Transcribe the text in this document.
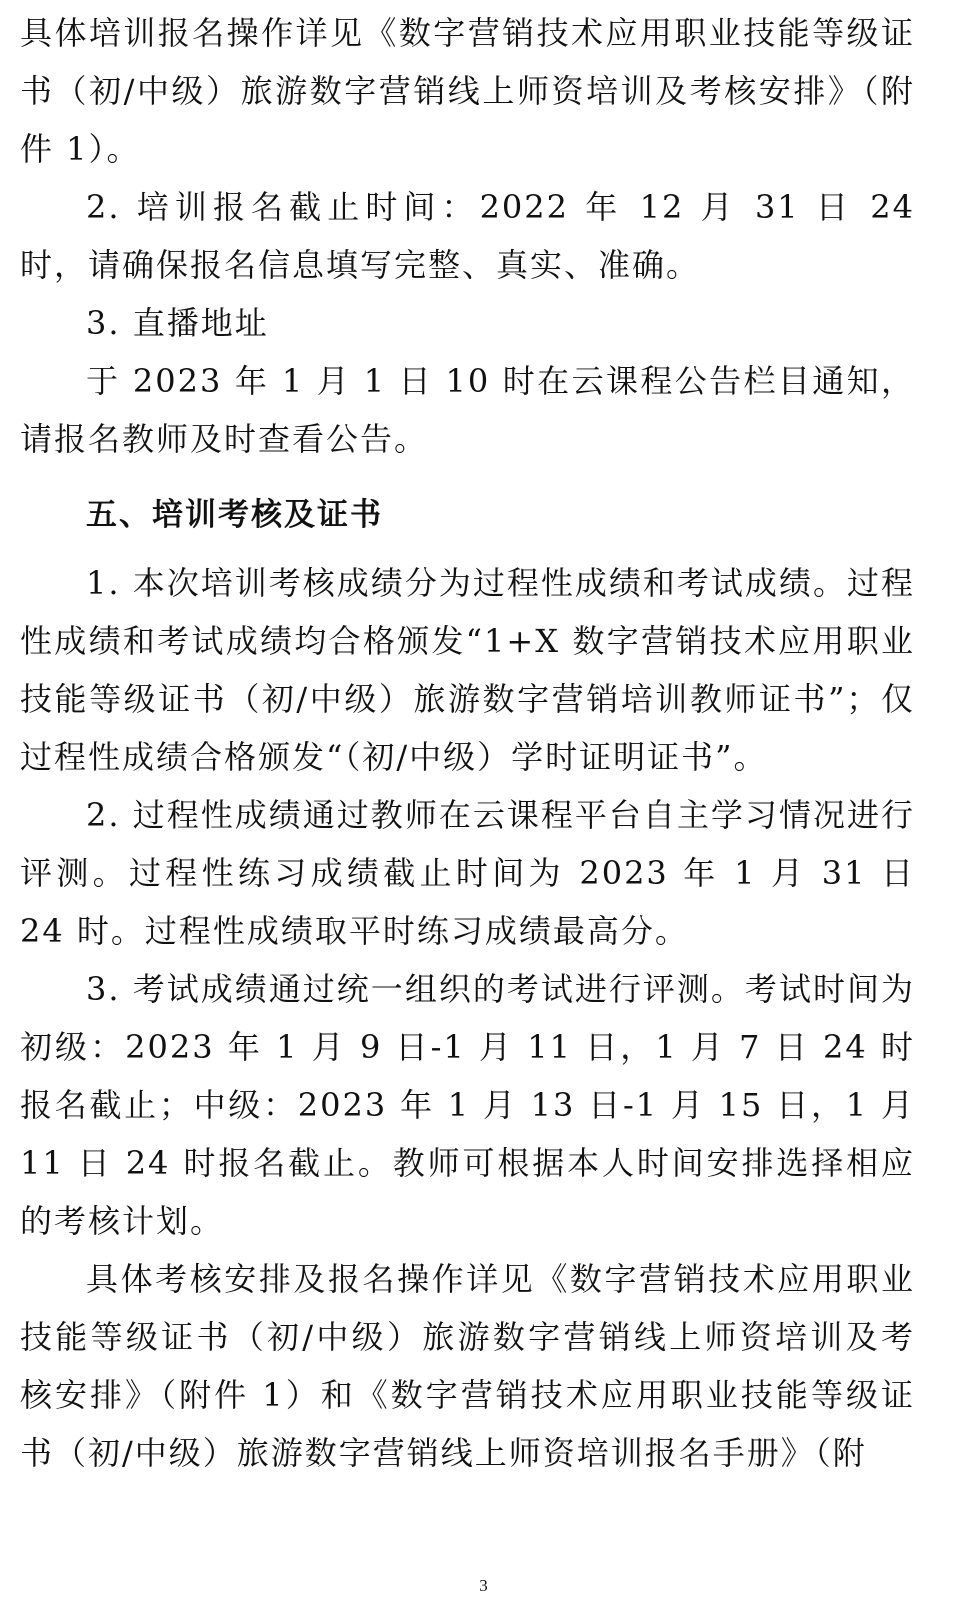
具体培训报名操作详见《数字营销技术应用职业技能等级证书（初/中级）旅游数字营销线上师资培训及考核安排》（附件 1）。

2. 培训报名截止时间：2022 年 12 月 31 日 24 时，请确保报名信息填写完整、真实、准确。

3. 直播地址

于 2023 年 1 月 1 日 10 时在云课程公告栏目通知，请报名教师及时查看公告。

五、培训考核及证书

1. 本次培训考核成绩分为过程性成绩和考试成绩。过程性成绩和考试成绩均合格颁发“1+X 数字营销技术应用职业技能等级证书（初/中级）旅游数字营销培训教师证书”；仅过程性成绩合格颁发“（初/中级）学时证明证书”。

2. 过程性成绩通过教师在云课程平台自主学习情况进行评测。过程性练习成绩截止时间为 2023 年 1 月 31 日 24 时。过程性成绩取平时练习成绩最高分。

3. 考试成绩通过统一组织的考试进行评测。考试时间为初级：2023 年 1 月 9 日-1 月 11 日，1 月 7 日 24 时报名截止；中级：2023 年 1 月 13 日-1 月 15 日，1 月 11 日 24 时报名截止。教师可根据本人时间安排选择相应的考核计划。

具体考核安排及报名操作详见《数字营销技术应用职业技能等级证书（初/中级）旅游数字营销线上师资培训及考核安排》（附件 1）和《数字营销技术应用职业技能等级证书（初/中级）旅游数字营销线上师资培训报名手册》（附

3
